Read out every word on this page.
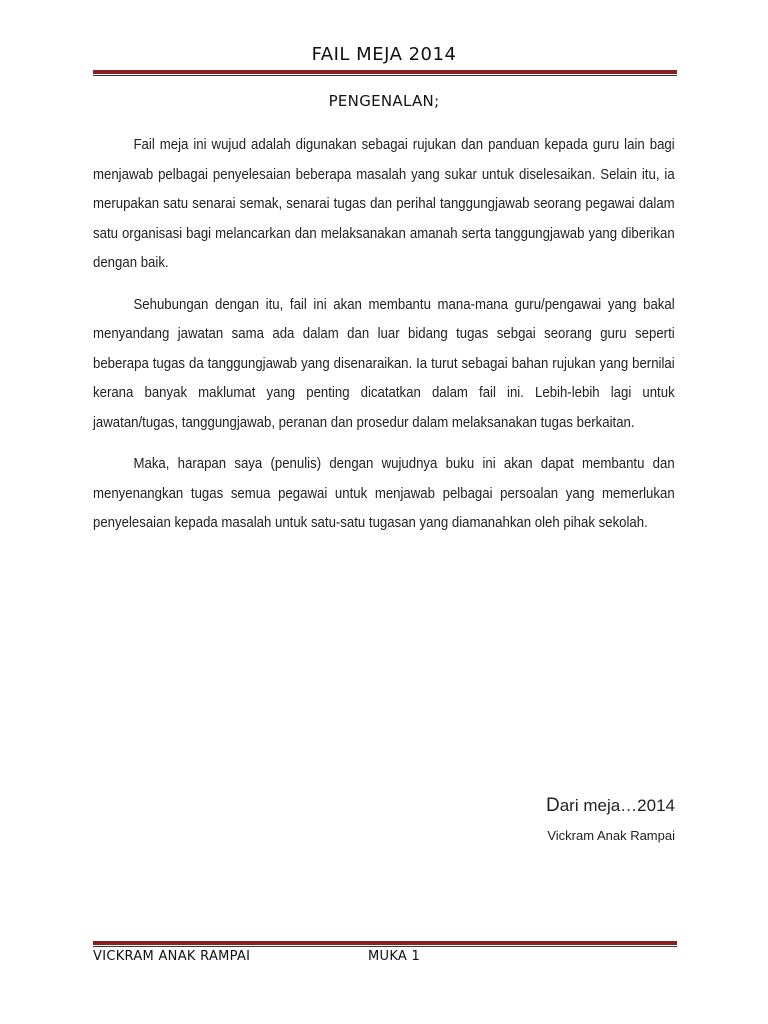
FAIL MEJA 2014
PENGENALAN;

Fail meja ini wujud adalah digunakan sebagai rujukan dan panduan kepada guru lain bagi menjawab pelbagai penyelesaian beberapa masalah yang sukar untuk diselesaikan. Selain itu, ia merupakan satu senarai semak, senarai tugas dan perihal tanggungjawab seorang pegawai dalam satu organisasi bagi melancarkan dan melaksanakan amanah serta tanggungjawab yang diberikan dengan baik.

Sehubungan dengan itu, fail ini akan membantu mana-mana guru/pengawai yang bakal menyandang jawatan sama ada dalam dan luar bidang tugas sebgai seorang guru seperti beberapa tugas da tanggungjawab yang disenaraikan. Ia turut sebagai bahan rujukan yang bernilai kerana banyak maklumat yang penting dicatatkan dalam fail ini. Lebih-lebih lagi untuk jawatan/tugas, tanggungjawab, peranan dan prosedur dalam melaksanakan tugas berkaitan.

Maka, harapan saya (penulis) dengan wujudnya buku ini akan dapat membantu dan menyenangkan tugas semua pegawai untuk menjawab pelbagai persoalan yang memerlukan penyelesaian kepada masalah untuk satu-satu tugasan yang diamanahkan oleh pihak sekolah.

Dari meja…2014
Vickram Anak Rampai
VICKRAM ANAK RAMPAI	MUKA 1
